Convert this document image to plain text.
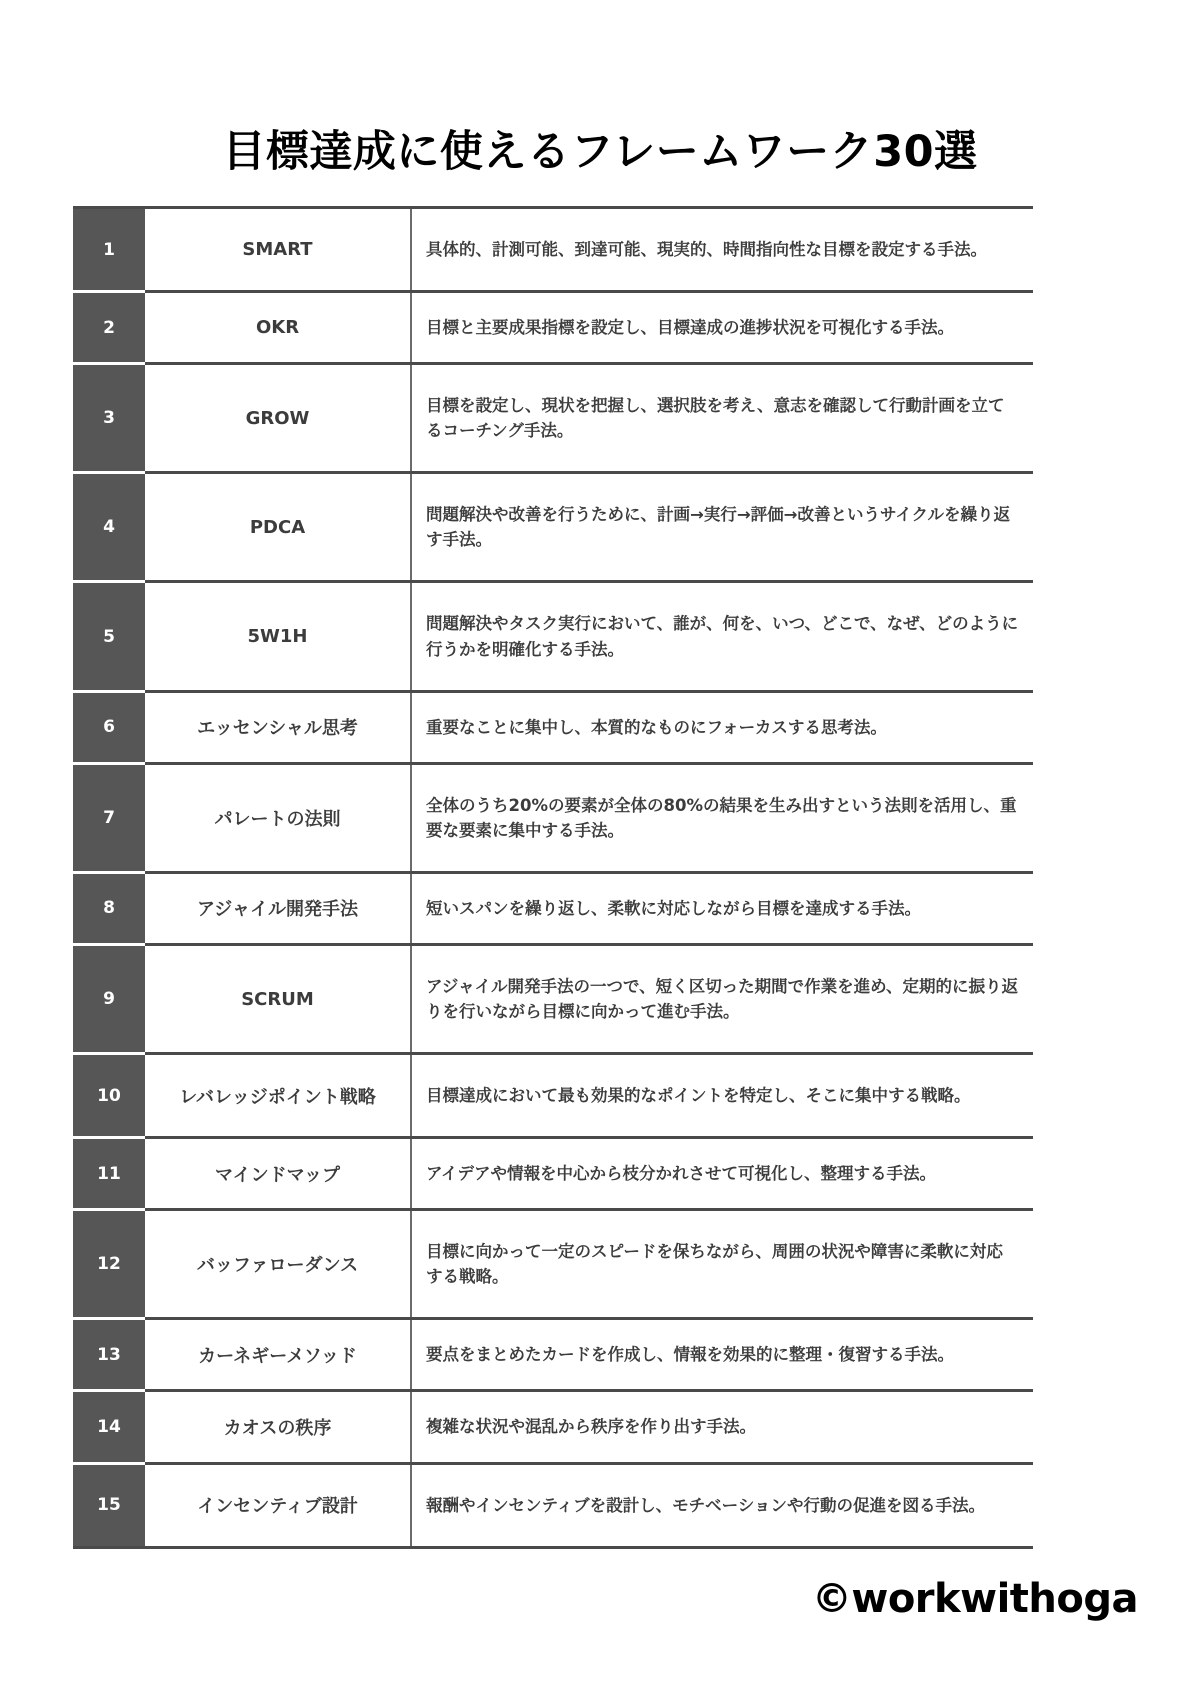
目標達成に使えるフレームワーク30選
1	SMART	具体的、計測可能、到達可能、現実的、時間指向性な目標を設定する手法。
2	OKR	目標と主要成果指標を設定し、目標達成の進捗状況を可視化する手法。
3	GROW	目標を設定し、現状を把握し、選択肢を考え、意志を確認して行動計画を立てるコーチング手法。
4	PDCA	問題解決や改善を行うために、計画→実行→評価→改善というサイクルを繰り返す手法。
5	5W1H	問題解決やタスク実行において、誰が、何を、いつ、どこで、なぜ、どのように行うかを明確化する手法。
6	エッセンシャル思考	重要なことに集中し、本質的なものにフォーカスする思考法。
7	パレートの法則	全体のうち20%の要素が全体の80%の結果を生み出すという法則を活用し、重要な要素に集中する手法。
8	アジャイル開発手法	短いスパンを繰り返し、柔軟に対応しながら目標を達成する手法。
9	SCRUM	アジャイル開発手法の一つで、短く区切った期間で作業を進め、定期的に振り返りを行いながら目標に向かって進む手法。
10	レバレッジポイント戦略	目標達成において最も効果的なポイントを特定し、そこに集中する戦略。
11	マインドマップ	アイデアや情報を中心から枝分かれさせて可視化し、整理する手法。
12	バッファローダンス	目標に向かって一定のスピードを保ちながら、周囲の状況や障害に柔軟に対応する戦略。
13	カーネギーメソッド	要点をまとめたカードを作成し、情報を効果的に整理・復習する手法。
14	カオスの秩序	複雑な状況や混乱から秩序を作り出す手法。
15	インセンティブ設計	報酬やインセンティブを設計し、モチベーションや行動の促進を図る手法。
©workwithoga
